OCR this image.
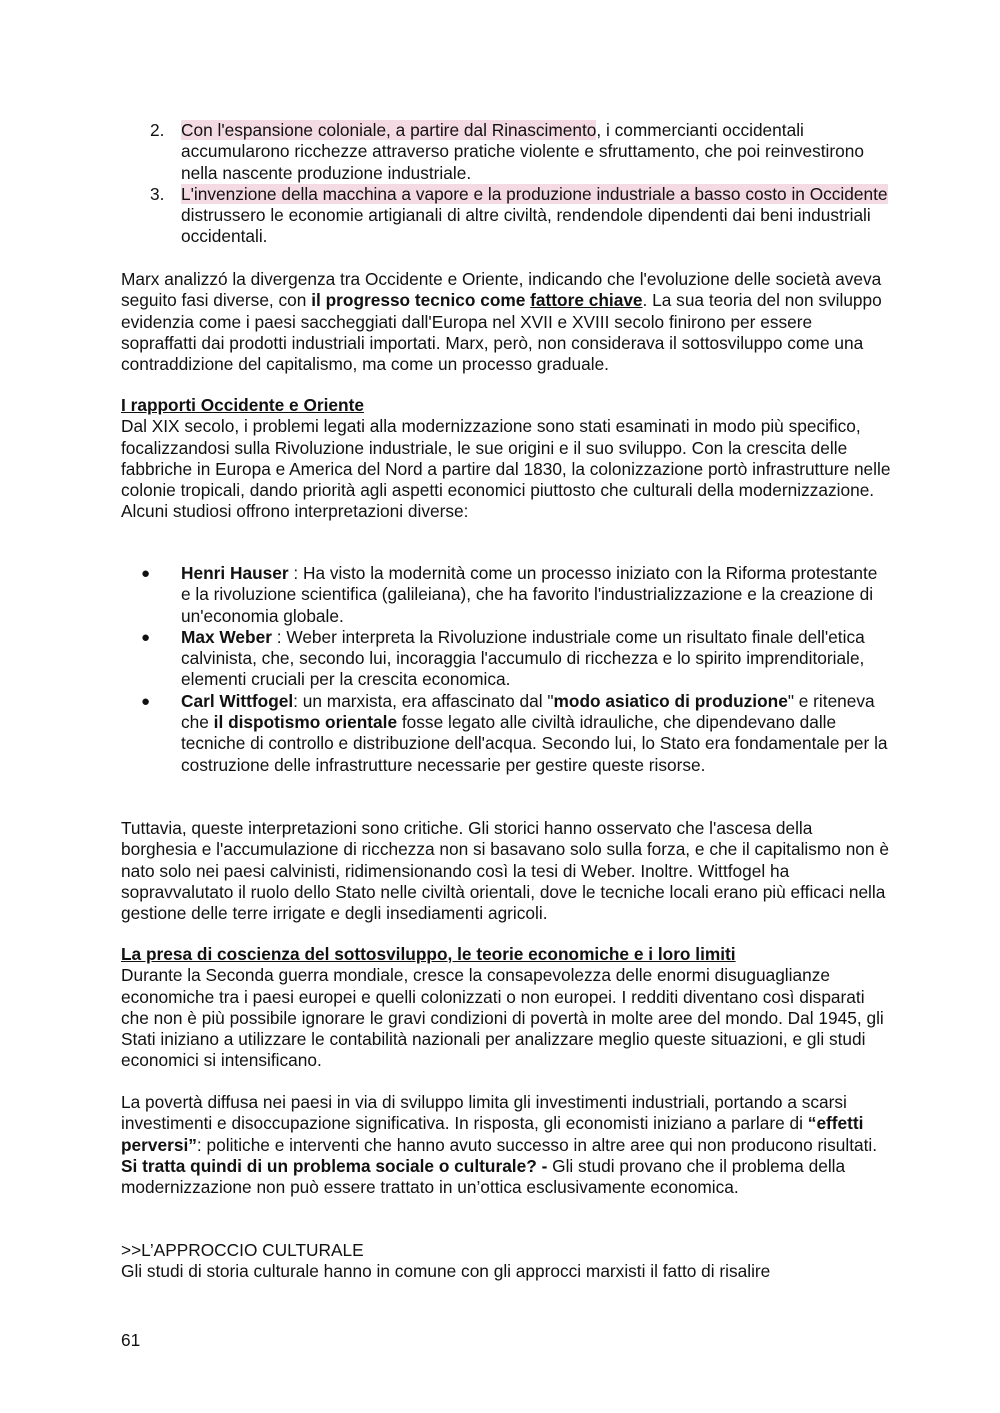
2. Con l'espansione coloniale, a partire dal Rinascimento, i commercianti occidentali accumularono ricchezze attraverso pratiche violente e sfruttamento, che poi reinvestirono nella nascente produzione industriale.
3. L'invenzione della macchina a vapore e la produzione industriale a basso costo in Occidente distrussero le economie artigianali di altre civiltà, rendendole dipendenti dai beni industriali occidentali.

Marx analizzó la divergenza tra Occidente e Oriente, indicando che l'evoluzione delle società aveva seguito fasi diverse, con il progresso tecnico come fattore chiave. La sua teoria del non sviluppo evidenzia come i paesi saccheggiati dall'Europa nel XVII e XVIII secolo finirono per essere sopraffatti dai prodotti industriali importati. Marx, però, non considerava il sottosviluppo come una contraddizione del capitalismo, ma come un processo graduale.

I rapporti Occidente e Oriente

Dal XIX secolo, i problemi legati alla modernizzazione sono stati esaminati in modo più specifico, focalizzandosi sulla Rivoluzione industriale, le sue origini e il suo sviluppo. Con la crescita delle fabbriche in Europa e America del Nord a partire dal 1830, la colonizzazione portò infrastrutture nelle colonie tropicali, dando priorità agli aspetti economici piuttosto che culturali della modernizzazione.

Alcuni studiosi offrono interpretazioni diverse:

● Henri Hauser : Ha visto la modernità come un processo iniziato con la Riforma protestante e la rivoluzione scientifica (galileiana), che ha favorito l'industrializzazione e la creazione di un'economia globale.
● Max Weber : Weber interpreta la Rivoluzione industriale come un risultato finale dell'etica calvinista, che, secondo lui, incoraggia l'accumulo di ricchezza e lo spirito imprenditoriale, elementi cruciali per la crescita economica.
● Carl Wittfogel: un marxista, era affascinato dal "modo asiatico di produzione" e riteneva che il dispotismo orientale fosse legato alle civiltà idrauliche, che dipendevano dalle tecniche di controllo e distribuzione dell'acqua. Secondo lui, lo Stato era fondamentale per la costruzione delle infrastrutture necessarie per gestire queste risorse.

Tuttavia, queste interpretazioni sono critiche. Gli storici hanno osservato che l'ascesa della borghesia e l'accumulazione di ricchezza non si basavano solo sulla forza, e che il capitalismo non è nato solo nei paesi calvinisti, ridimensionando così la tesi di Weber. Inoltre. Wittfogel ha sopravvalutato il ruolo dello Stato nelle civiltà orientali, dove le tecniche locali erano più efficaci nella gestione delle terre irrigate e degli insediamenti agricoli.

La presa di coscienza del sottosviluppo, le teorie economiche e i loro limiti

Durante la Seconda guerra mondiale, cresce la consapevolezza delle enormi disuguaglianze economiche tra i paesi europei e quelli colonizzati o non europei. I redditi diventano così disparati che non è più possibile ignorare le gravi condizioni di povertà in molte aree del mondo. Dal 1945, gli Stati iniziano a utilizzare le contabilità nazionali per analizzare meglio queste situazioni, e gli studi economici si intensificano.

La povertà diffusa nei paesi in via di sviluppo limita gli investimenti industriali, portando a scarsi investimenti e disoccupazione significativa. In risposta, gli economisti iniziano a parlare di “effetti perversi”: politiche e interventi che hanno avuto successo in altre aree qui non producono risultati. Si tratta quindi di un problema sociale o culturale? - Gli studi provano che il problema della modernizzazione non può essere trattato in un’ottica esclusivamente economica.

>>L’APPROCCIO CULTURALE

Gli studi di storia culturale hanno in comune con gli approcci marxisti il fatto di risalire

61
